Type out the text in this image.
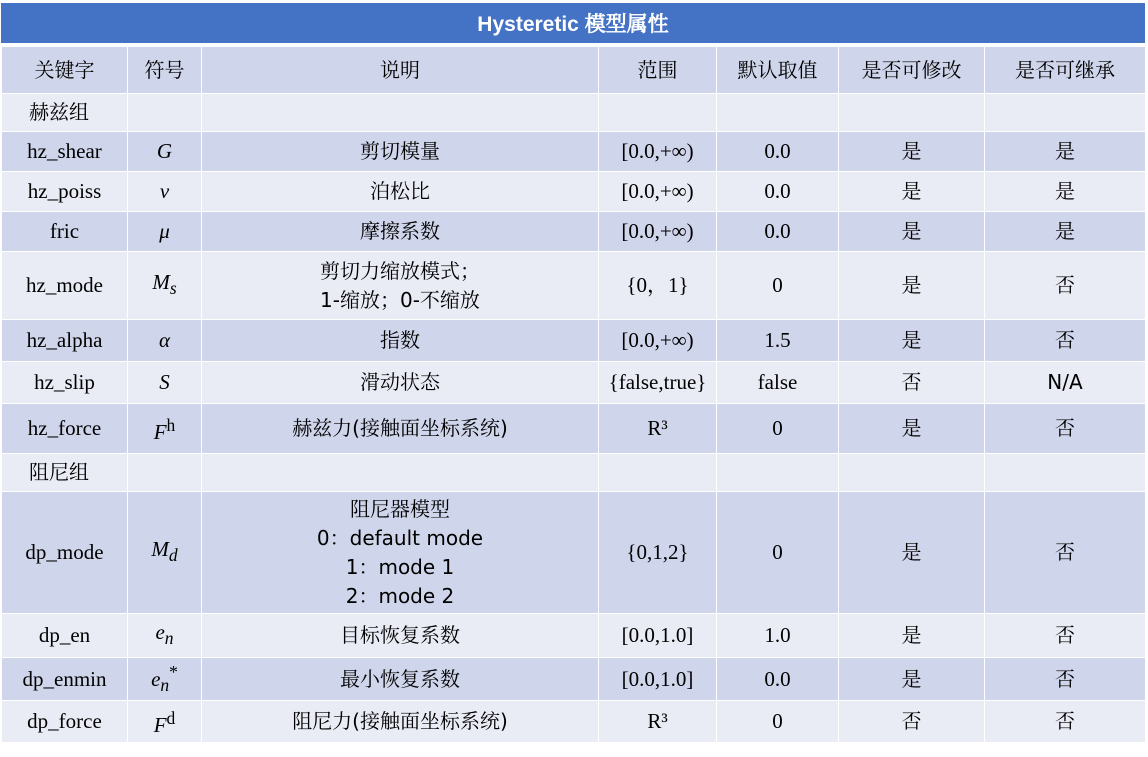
Hysteretic 模型属性
关键字	符号	说明	范围	默认取值	是否可修改	是否可继承
赫兹组						
hz_shear	G	剪切模量	[0.0,+∞)	0.0	是	是
hz_poiss	ν	泊松比	[0.0,+∞)	0.0	是	是
fric	μ	摩擦系数	[0.0,+∞)	0.0	是	是
hz_mode	$M_s$	剪切力缩放模式；
1-缩放；0-不缩放	{0，1}	0	是	否
hz_alpha	α	指数	[0.0,+∞)	1.5	是	否
hz_slip	S	滑动状态	{false,true}	false	否	N/A
hz_force	$F^h$	赫兹力(接触面坐标系统)	R³	0	是	否
阻尼组						
dp_mode	$M_d$	阻尼器模型
0：default mode
1：mode 1
2：mode 2	{0,1,2}	0	是	否
dp_en	$e_n$	目标恢复系数	[0.0,1.0]	1.0	是	否
dp_enmin	$e_n^*$	最小恢复系数	[0.0,1.0]	0.0	是	否
dp_force	$F^d$	阻尼力(接触面坐标系统)	R³	0	否	否
